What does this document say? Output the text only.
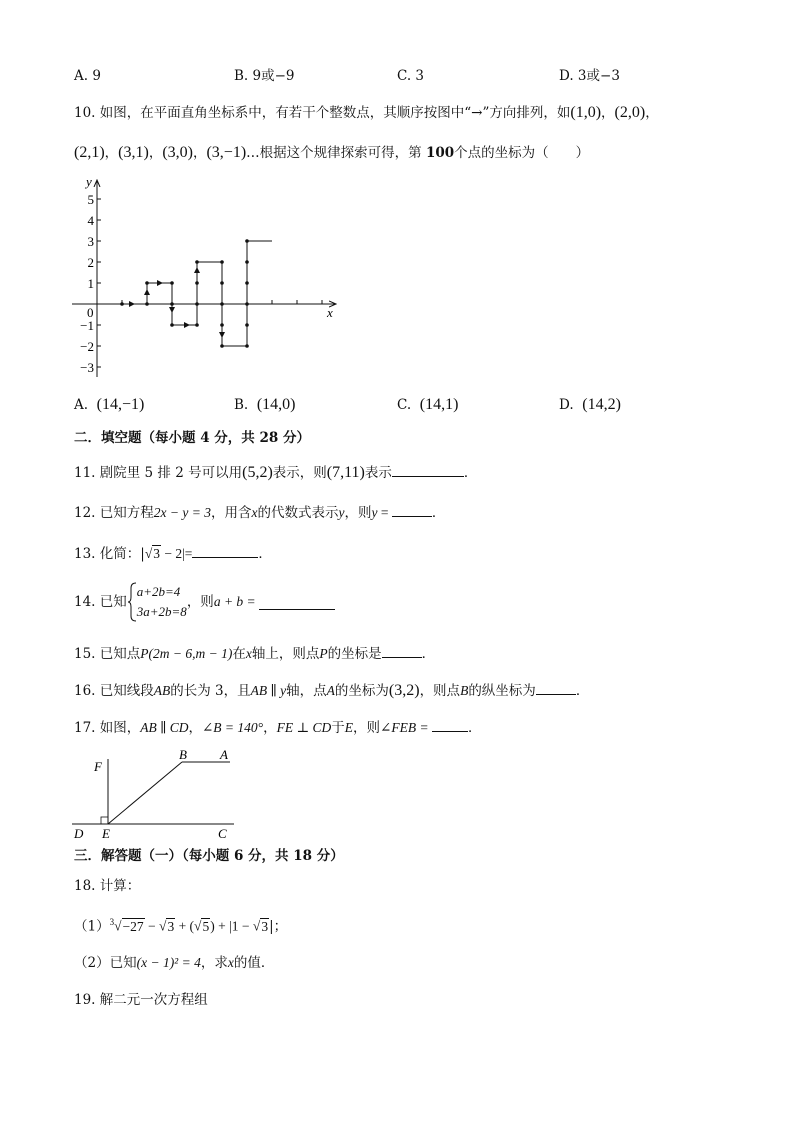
A. 9	B. 9或−9	C. 3	D. 3或−3
10. 如图，在平面直角坐标系中，有若干个整数点，其顺序按图中“→”方向排列，如(1,0)，(2,0)，
(2,1)，(3,1)，(3,0)，(3,−1)…根据这个规律探索可得，第 100个点的坐标为（　　）
y
x
0
5
4
3
2
1
−1
−2
−3
A. (14,−1)	B. (14,0)	C. (14,1)	D. (14,2)
二．填空题（每小题 4 分，共 28 分）
11. 剧院里 5 排 2 号可以用(5,2)表示，则(7,11)表示	．
12. 已知方程2x − y = 3，用含x的代数式表示y，则y =	．
13. 化简：|√3 − 2|=	．
14. 已知a+2b=4
3a+2b=8，则a + b =
15. 已知点P(2m − 6,m − 1)在x轴上，则点P的坐标是	．
16. 已知线段AB的长为 3，且AB ∥ y轴，点A的坐标为(3,2)，则点B的纵坐标为	．
17. 如图，AB ∥ CD，∠B = 140°，FE ⊥ CD于E，则∠FEB =	．
F
B	A
D E	C
三．解答题（一）（每小题 6 分，共 18 分）
18. 计算：
$(1)^3√-27 - √3 + (√5) + |1 - √3|$；
（2）已知(x − 1)² = 4，求x的值．
19. 解二元一次方程组
